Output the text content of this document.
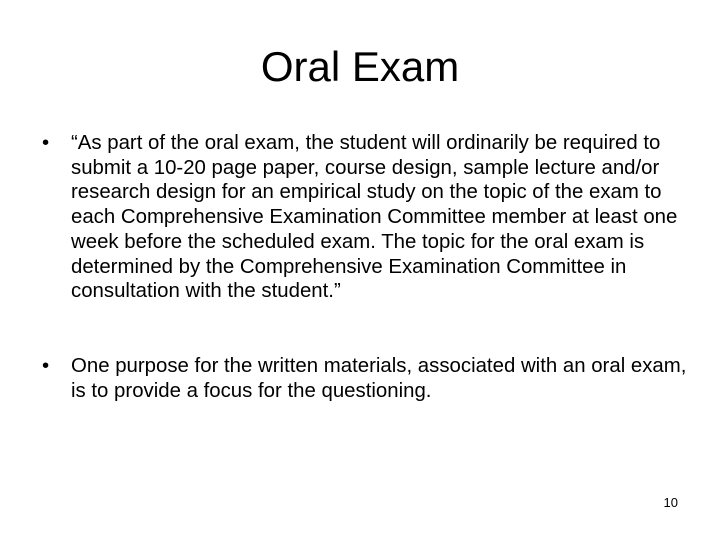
Oral Exam
• “As part of the oral exam, the student will ordinarily be required to submit a 10-20 page paper, course design, sample lecture and/or research design for an empirical study on the topic of the exam to each Comprehensive Examination Committee member at least one week before the scheduled exam. The topic for the oral exam is determined by the Comprehensive Examination Committee in consultation with the student.”
• One purpose for the written materials, associated with an oral exam, is to provide a focus for the questioning.
10
